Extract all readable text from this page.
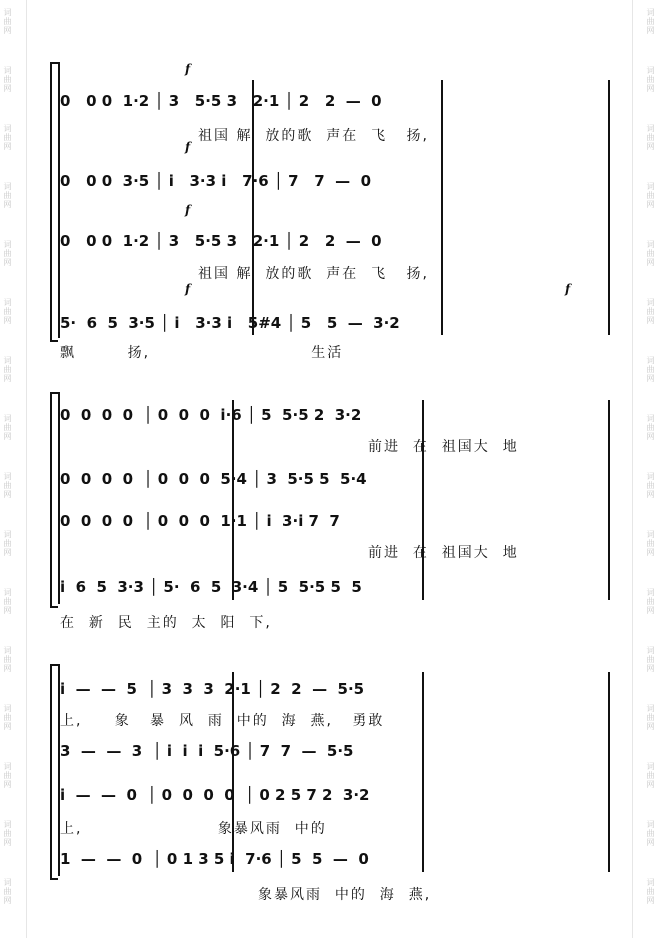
词曲网
词曲网
词曲网
词曲网
词曲网
词曲网
词曲网
词曲网
词曲网
词曲网
词曲网
词曲网
词曲网
词曲网
词曲网
词曲网
词曲网
词曲网
词曲网
词曲网
词曲网
词曲网
词曲网
词曲网
词曲网
词曲网
词曲网
词曲网
词曲网
词曲网
词曲网
词曲网
f
f
f
f	f
0   0 0  1·2 │ 3   5·5 3   2·1 │ 2   2  —  0
祖国 解  放的歌  声在  飞   扬,
0   0 0  3·5 │ i   3·3 i   7·6 │ 7   7  —  0
0   0 0  1·2 │ 3   5·5 3   2·1 │ 2   2  —  0
祖国 解  放的歌  声在  飞   扬,
5·  6  5  3·5 │ i   3·3 i   5#4 │ 5   5  —  3·2
飘        扬,                         生活
0  0  0  0  │ 0  0  0  i·6 │ 5  5·5 2  3·2
前进  在  祖国大  地
0  0  0  0  │ 0  0  0  5·4 │ 3  5·5 5  5·4
0  0  0  0  │ 0  0  0  1·1 │ i  3·i 7  7
前进  在  祖国大  地
i  6  5  3·3 │ 5·  6  5  3·4 │ 5  5·5 5  5
在  新  民  主的  太  阳  下,
i  —  —  5  │ 3  3  3  2·1 │ 2  2  —  5·5
上,     象   暴  风  雨  中的  海  燕,   勇敢
3  —  —  3  │ i  i  i  5·6 │ 7  7  —  5·5
i  —  —  0  │ 0  0  0  0  │ 0 2 5 7 2  3·2
上,                     象暴风雨  中的
1  —  —  0  │ 0 1 3 5 i  7·6 │ 5  5  —  0
象暴风雨  中的  海  燕,
